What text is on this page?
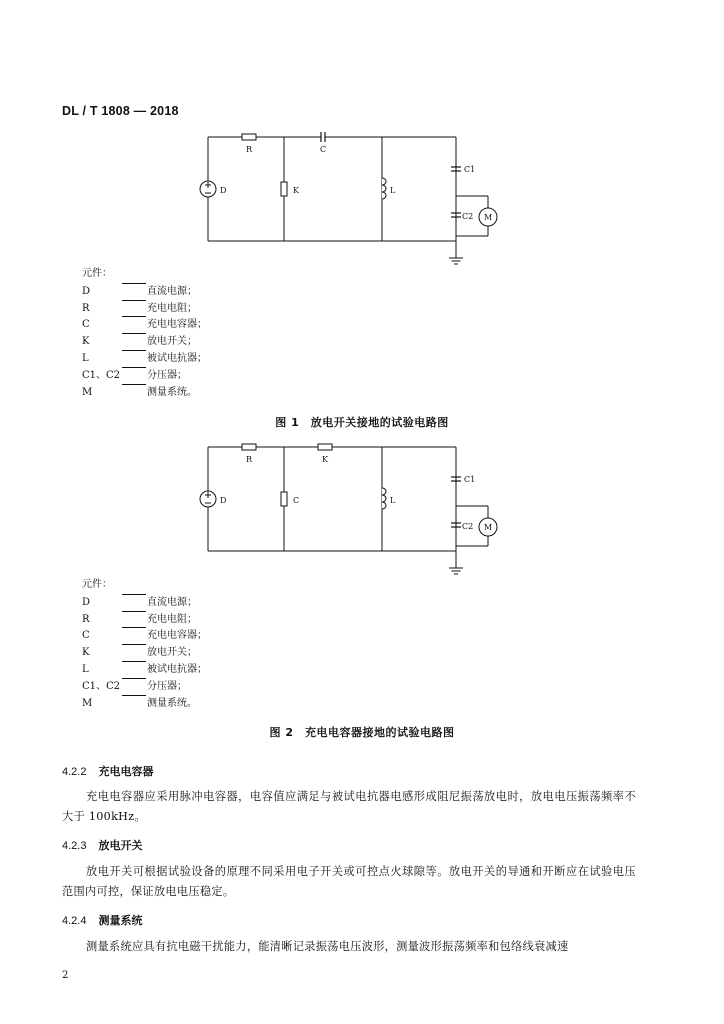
DL / T 1808 — 2018
R	C
D	K	L
C1
C2 M
元件：
D	直流电源；
R	充电电阻；
C	充电电容器；
K	放电开关；
L	被试电抗器；
C1、C2	分压器；
M	测量系统。
图 1　放电开关接地的试验电路图
R	K
D	C	L
C1
C2 M
元件：
D	直流电源；
R	充电电阻；
C	充电电容器；
K	放电开关；
L	被试电抗器；
C1、C2	分压器；
M	测量系统。
图 2　充电电容器接地的试验电路图
4.2.2 充电电容器
充电电容器应采用脉冲电容器，电容值应满足与被试电抗器电感形成阻尼振荡放电时，放电电压振荡频率不大于 100kHz。
4.2.3 放电开关
放电开关可根据试验设备的原理不同采用电子开关或可控点火球隙等。放电开关的导通和开断应在试验电压范围内可控，保证放电电压稳定。
4.2.4 测量系统
测量系统应具有抗电磁干扰能力，能清晰记录振荡电压波形，测量波形振荡频率和包络线衰减速
2
